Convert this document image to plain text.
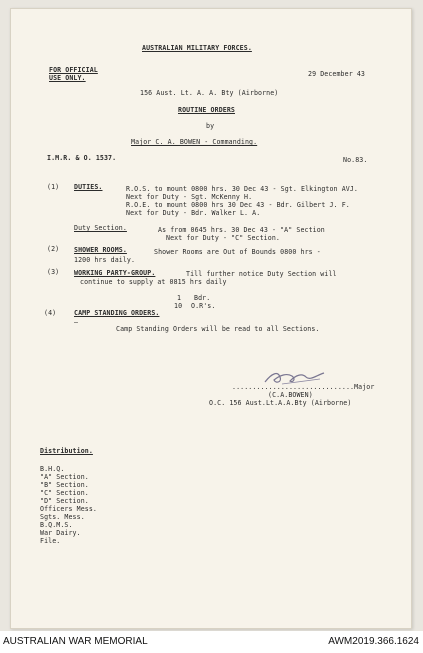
AUSTRALIAN MILITARY FORCES.
FOR OFFICIAL
USE ONLY.	29 December 43
156 Aust. Lt. A. A. Bty (Airborne)
ROUTINE ORDERS
by
Major C. A. BOWEN - Commanding.
I.M.R. & O. 1537.	No.83.
(1) DUTIES.	R.O.S. to mount 0800 hrs. 30 Dec 43 - Sgt. Elkington AVJ.
Next for Duty - Sgt. McKenny H.
R.O.E. to mount 0800 hrs 30 Dec 43 - Bdr. Gilbert J. F.
Next for Duty - Bdr. Walker L. A.
Duty Section.	As from 0645 hrs. 30 Dec 43 - "A" Section
Next for Duty - "C" Section.
(2) SHOWER ROOMS.	Shower Rooms are Out of Bounds 0800 hrs -
1200 hrs daily.
(3) WORKING PARTY-GROUP.	Till further notice Duty Section will
continue to supply at 0815 hrs daily
1 Bdr.
10 O.R's.
(4)	CAMP STANDING ORDERS.
—
Camp Standing Orders will be read to all Sections.
..............................Major
(C.A.BOWEN)
O.C. 156 Aust.Lt.A.A.Bty (Airborne)
Distribution.
B.H.Q.
"A" Section.
"B" Section.
"C" Section.
"D" Section.
Officers Mess.
Sgts. Mess.
B.Q.M.S.
War Dairy.
File.
AUSTRALIAN WAR MEMORIAL	AWM2019.366.1624
